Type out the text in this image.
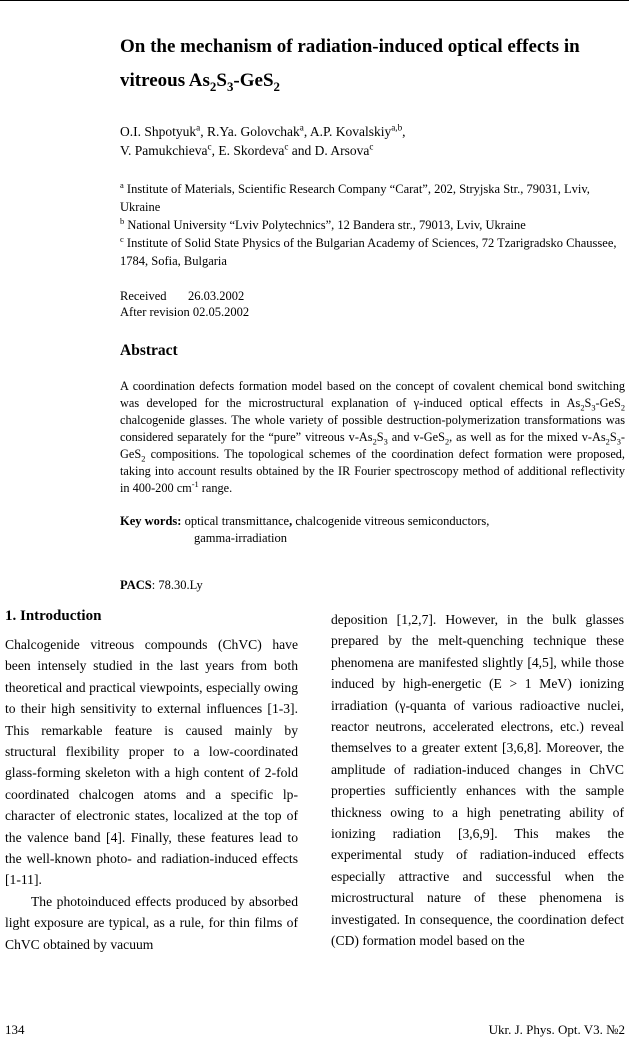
On the mechanism of radiation-induced optical effects in
vitreous $As_2S_3-GeS_2$
O.I. Shpotyuk$^a$, R.Ya. Golovchak$^a$, A.P. Kovalskiy$^{a,b}$,
V. Pamukchieva$^c$, E. Skordeva$^c$ and D. Arsova$^c$
$^a$ Institute of Materials, Scientific Research Company “Carat”, 202, Stryjska Str., 79031, Lviv, Ukraine
$^b$ National University “Lviv Polytechnics”, 12 Bandera str., 79013, Lviv, Ukraine
$^c$ Institute of Solid State Physics of the Bulgarian Academy of Sciences, 72 Tzarigradsko Chaussee, 1784, Sofia, Bulgaria
Received 26.03.2002
After revision 02.05.2002
Abstract
A coordination defects formation model based on the concept of covalent chemical bond switching was developed for the microstructural explanation of γ-induced optical effects in $As_2S_3-GeS_2$ chalcogenide glasses. The whole variety of possible destruction-polymerization transformations was considered separately for the “pure” vitreous $v-As_2S_3$ and v-GeS$_2$, as well as for the mixed $v-As_2S_3-GeS_2$ compositions. The topological schemes of the coordination defect formation were proposed, taking into account results obtained by the IR Fourier spectroscopy method of additional reflectivity in 400-200 $cm^{-1}$ range.
Key words: optical transmittance, chalcogenide vitreous semiconductors,
gamma-irradiation
PACS: 78.30.Ly
1. Introduction

Chalcogenide vitreous compounds (ChVC) have been intensely studied in the last years from both theoretical and practical viewpoints, especially owing to their high sensitivity to external influences [1-3]. This remarkable feature is caused mainly by structural flexibility proper to a low-coordinated glass-forming skeleton with a high content of 2-fold coordinated chalcogen atoms and a specific lp-character of electronic states, localized at the top of the valence band [4]. Finally, these features lead to the well-known photo- and radiation-induced effects [1-11].

The photoinduced effects produced by absorbed light exposure are typical, as a rule, for thin films of ChVC obtained by vacuum

deposition [1,2,7]. However, in the bulk glasses prepared by the melt-quenching technique these phenomena are manifested slightly [4,5], while those induced by high-energetic (E > 1 MeV) ionizing irradiation (γ-quanta of various radioactive nuclei, reactor neutrons, accelerated electrons, etc.) reveal themselves to a greater extent [3,6,8]. Moreover, the amplitude of radiation-induced changes in ChVC properties sufficiently enhances with the sample thickness owing to a high penetrating ability of ionizing radiation [3,6,9]. This makes the experimental study of radiation-induced effects especially attractive and successful when the microstructural nature of these phenomena is investigated. In consequence, the coordination defect (CD) formation model based on the

134	Ukr. J. Phys. Opt. V3. №2
